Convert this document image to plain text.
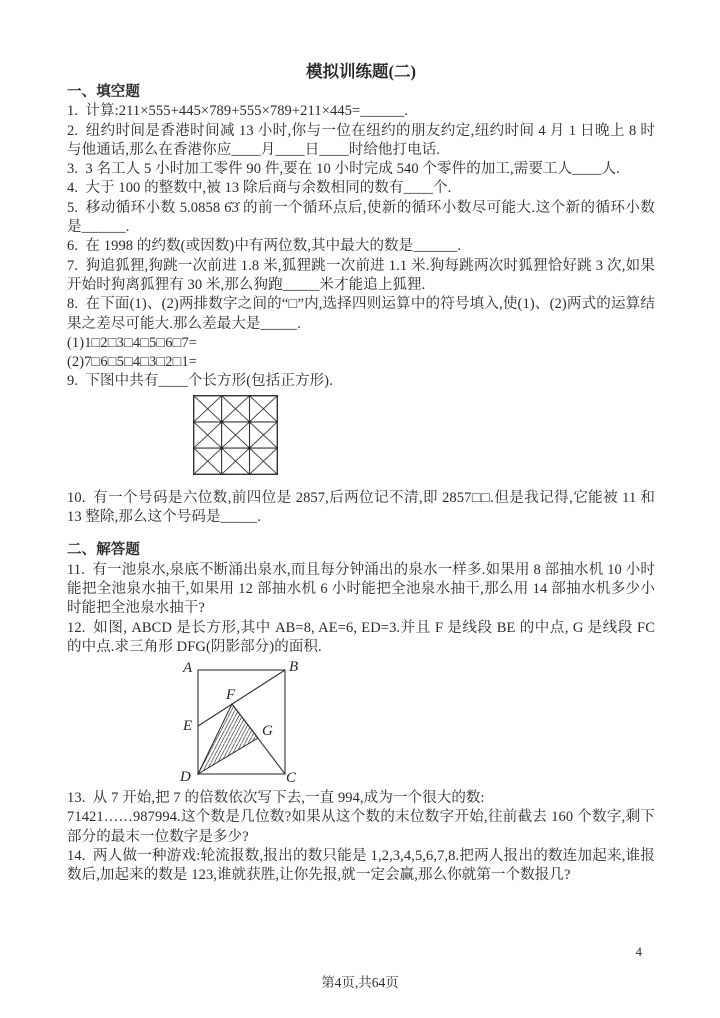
模拟训练题(二)
一、填空题
1. 计算:211×555+445×789+555×789+211×445=______.
2. 纽约时间是香港时间减 13 小时,你与一位在纽约的朋友约定,纽约时间 4 月 1 日晚上 8 时与他通话,那么在香港你应____月____日____时给他打电话.
3. 3 名工人 5 小时加工零件 90 件,要在 10 小时完成 540 个零件的加工,需要工人____人.
4. 大于 100 的整数中,被 13 除后商与余数相同的数有____个.
5. 移动循环小数 5.0858 6̇3̇ 的前一个循环点后,使新的循环小数尽可能大.这个新的循环小数是______.
6. 在 1998 的约数(或因数)中有两位数,其中最大的数是______.
7. 狗追狐狸,狗跳一次前进 1.8 米,狐狸跳一次前进 1.1 米.狗每跳两次时狐狸恰好跳 3 次,如果开始时狗离狐狸有 30 米,那么狗跑_____米才能追上狐狸.
8. 在下面(1)、(2)两排数字之间的“□”内,选择四则运算中的符号填入,使(1)、(2)两式的运算结果之差尽可能大.那么差最大是_____.
(1)1□2□3□4□5□6□7=
(2)7□6□5□4□3□2□1=
9. 下图中共有____个长方形(包括正方形).
10. 有一个号码是六位数,前四位是 2857,后两位记不清,即 2857□□.但是我记得,它能被 11 和 13 整除,那么这个号码是_____.
二、解答题
11. 有一池泉水,泉底不断涌出泉水,而且每分钟涌出的泉水一样多.如果用 8 部抽水机 10 小时能把全池泉水抽干,如果用 12 部抽水机 6 小时能把全池泉水抽干,那么用 14 部抽水机多少小时能把全池泉水抽干?
12. 如图, ABCD 是长方形,其中 AB=8, AE=6, ED=3.并且 F 是线段 BE 的中点, G 是线段 FC 的中点.求三角形 DFG(阴影部分)的面积.
A	B
C
D
E
F
G
13. 从 7 开始,把 7 的倍数依次写下去,一直 994,成为一个很大的数:
71421……987994.这个数是几位数?如果从这个数的末位数字开始,往前截去 160 个数字,剩下部分的最末一位数字是多少?
14. 两人做一种游戏:轮流报数,报出的数只能是 1,2,3,4,5,6,7,8.把两人报出的数连加起来,谁报数后,加起来的数是 123,谁就获胜,让你先报,就一定会赢,那么你就第一个数报几?
4
第4页,共64页
